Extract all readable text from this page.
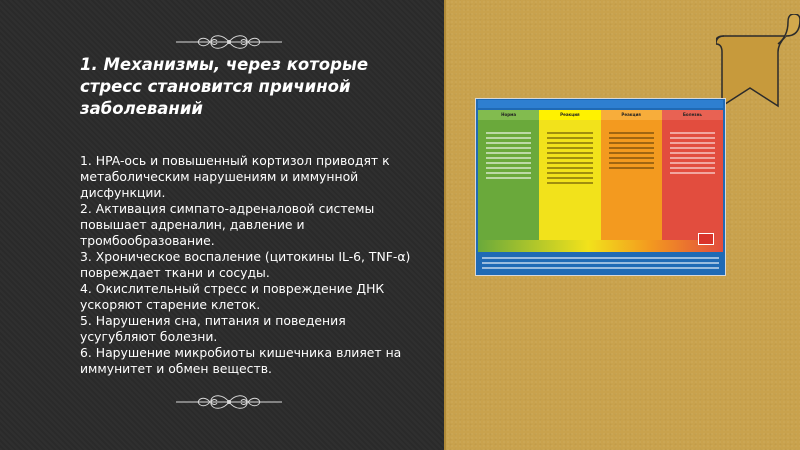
1. Механизмы, через которые стресс становится причиной заболеваний
1. HPA-ось и повышенный кортизол приводят к метаболическим нарушениям и иммунной дисфункции.
2. Активация симпато-адреналовой системы повышает адреналин, давление и тромбообразование.
3. Хроническое воспаление (цитокины IL-6, TNF-α) повреждает ткани и сосуды.
4. Окислительный стресс и повреждение ДНК ускоряют старение клеток.
5. Нарушения сна, питания и поведения усугубляют болезни.
6. Нарушение микробиоты кишечника влияет на иммунитет и обмен веществ.
Норма	Реакция	Реакция	Болезнь
